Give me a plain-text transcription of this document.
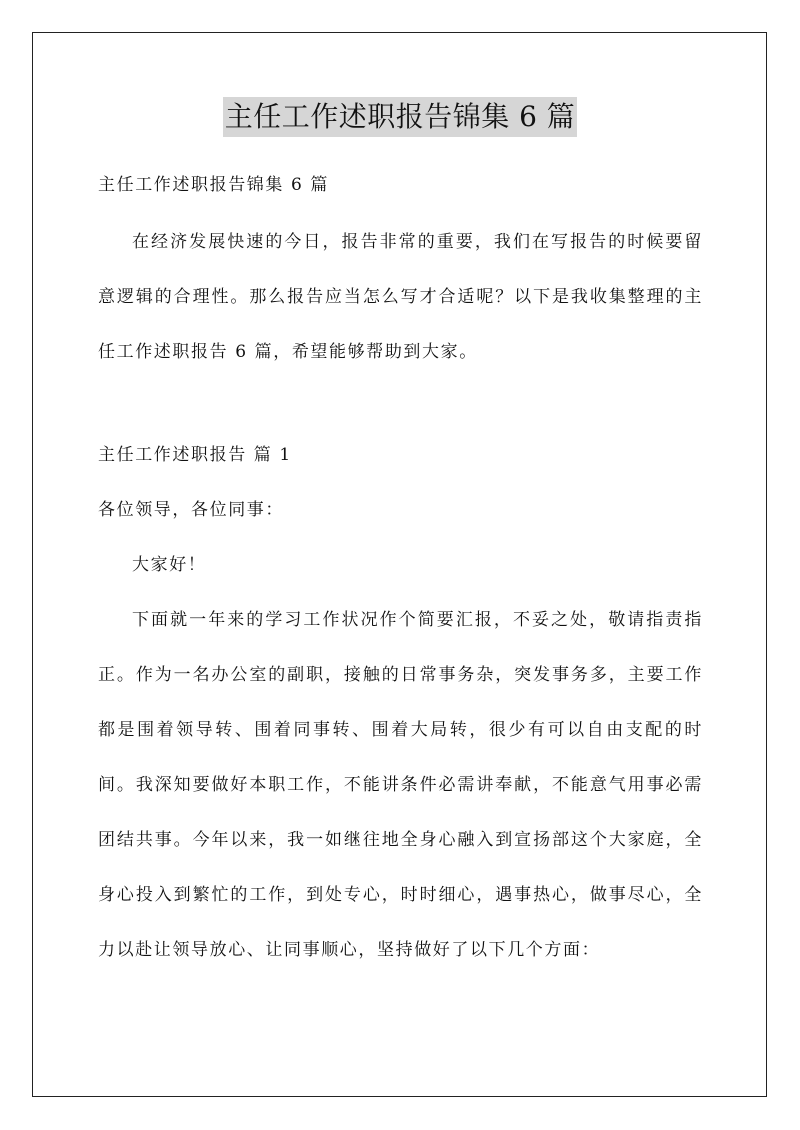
主任工作述职报告锦集 6 篇

主任工作述职报告锦集 6 篇

在经济发展快速的今日，报告非常的重要，我们在写报告的时候要留意逻辑的合理性。那么报告应当怎么写才合适呢？以下是我收集整理的主任工作述职报告 6 篇，希望能够帮助到大家。

主任工作述职报告 篇 1

各位领导，各位同事：

大家好！

下面就一年来的学习工作状况作个简要汇报，不妥之处，敬请指责指正。作为一名办公室的副职，接触的日常事务杂，突发事务多，主要工作都是围着领导转、围着同事转、围着大局转，很少有可以自由支配的时间。我深知要做好本职工作，不能讲条件必需讲奉献，不能意气用事必需团结共事。今年以来，我一如继往地全身心融入到宣扬部这个大家庭，全身心投入到繁忙的工作，到处专心，时时细心，遇事热心，做事尽心，全力以赴让领导放心、让同事顺心，坚持做好了以下几个方面：
